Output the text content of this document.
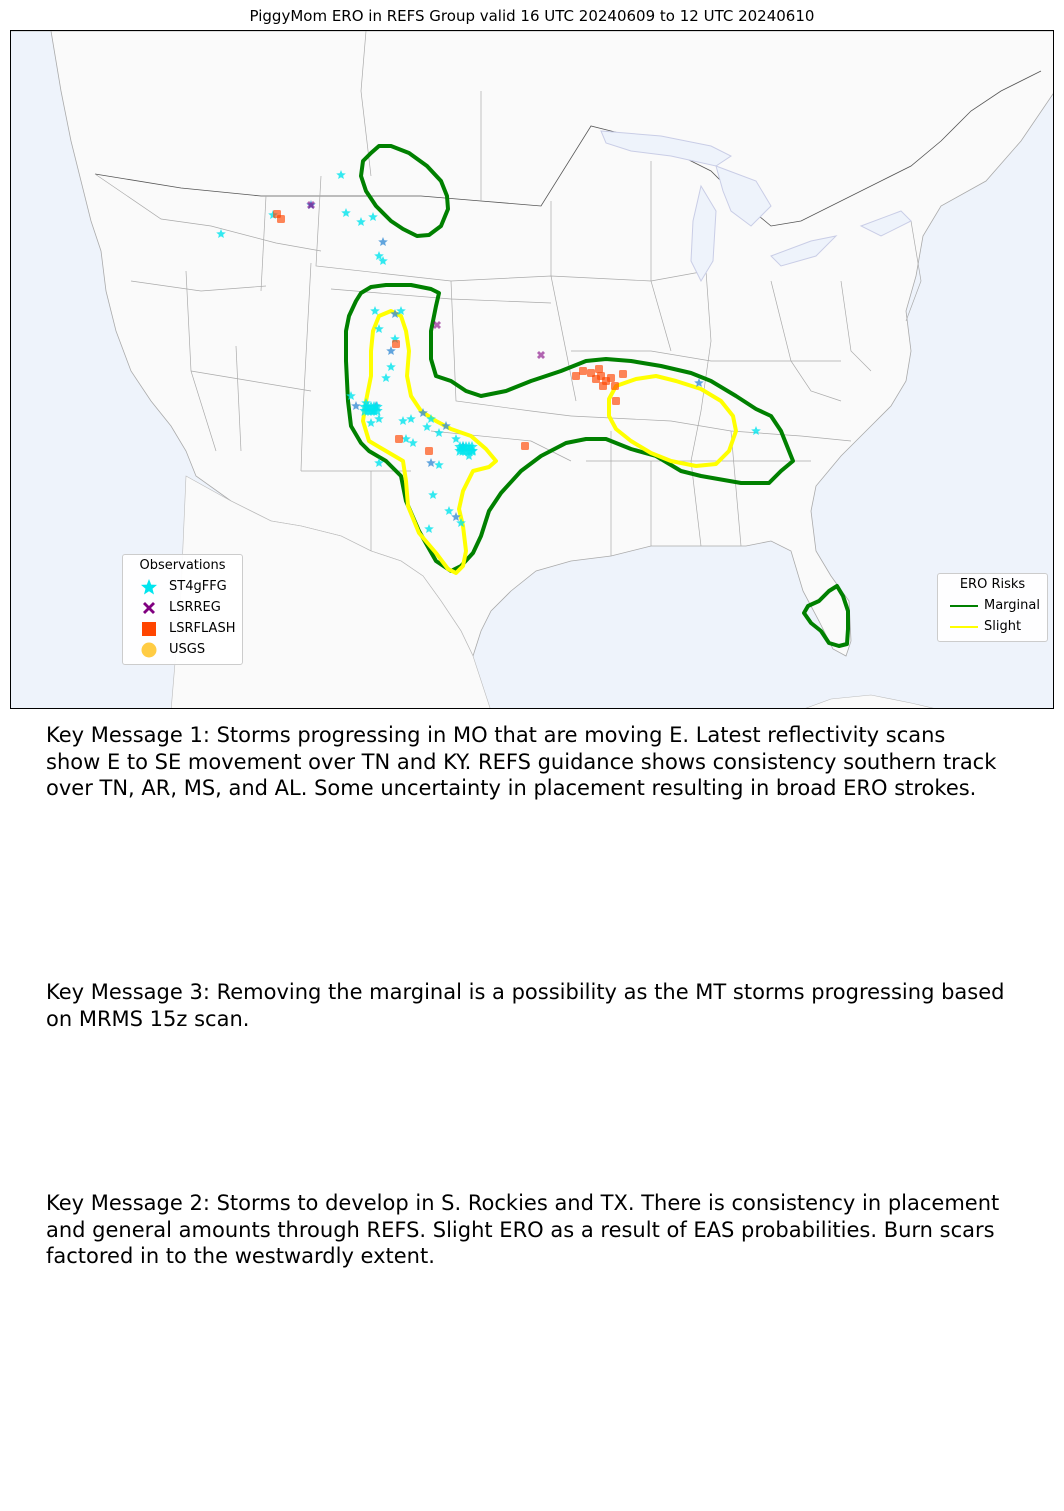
PiggyMom ERO in REFS Group valid 16 UTC 20240609 to 12 UTC 20240610
Observations
ST4gFFG
LSRREG
LSRFLASH
USGS
ERO Risks
Marginal
Slight

Key Message 1: Storms progressing in MO that are moving E. Latest reflectivity scans show E to SE movement over TN and KY. REFS guidance shows consistency southern track over TN, AR, MS, and AL. Some uncertainty in placement resulting in broad ERO strokes.

Key Message 3: Removing the marginal is a possibility as the MT storms progressing based on MRMS 15z scan.

Key Message 2: Storms to develop in S. Rockies and TX. There is consistency in placement and general amounts through REFS. Slight ERO as a result of EAS probabilities. Burn scars factored in to the westwardly extent.
